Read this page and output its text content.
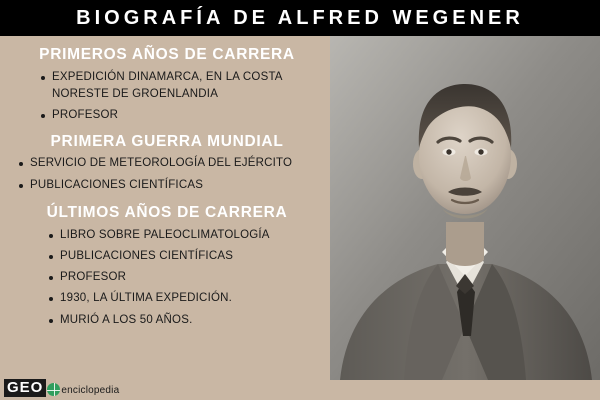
BIOGRAFÍA DE ALFRED WEGENER
PRIMEROS AÑOS DE CARRERA
EXPEDICIÓN DINAMARCA, EN LA COSTA NORESTE DE GROENLANDIA
PROFESOR
PRIMERA GUERRA MUNDIAL
SERVICIO DE METEOROLOGÍA DEL EJÉRCITO
PUBLICACIONES CIENTÍFICAS
ÚLTIMOS AÑOS DE CARRERA
LIBRO SOBRE PALEOCLIMATOLOGÍA
PUBLICACIONES CIENTÍFICAS
PROFESOR
1930, LA ÚLTIMA EXPEDICIÓN.
MURIÓ A LOS 50 AÑOS.
GEO	enciclopedia
